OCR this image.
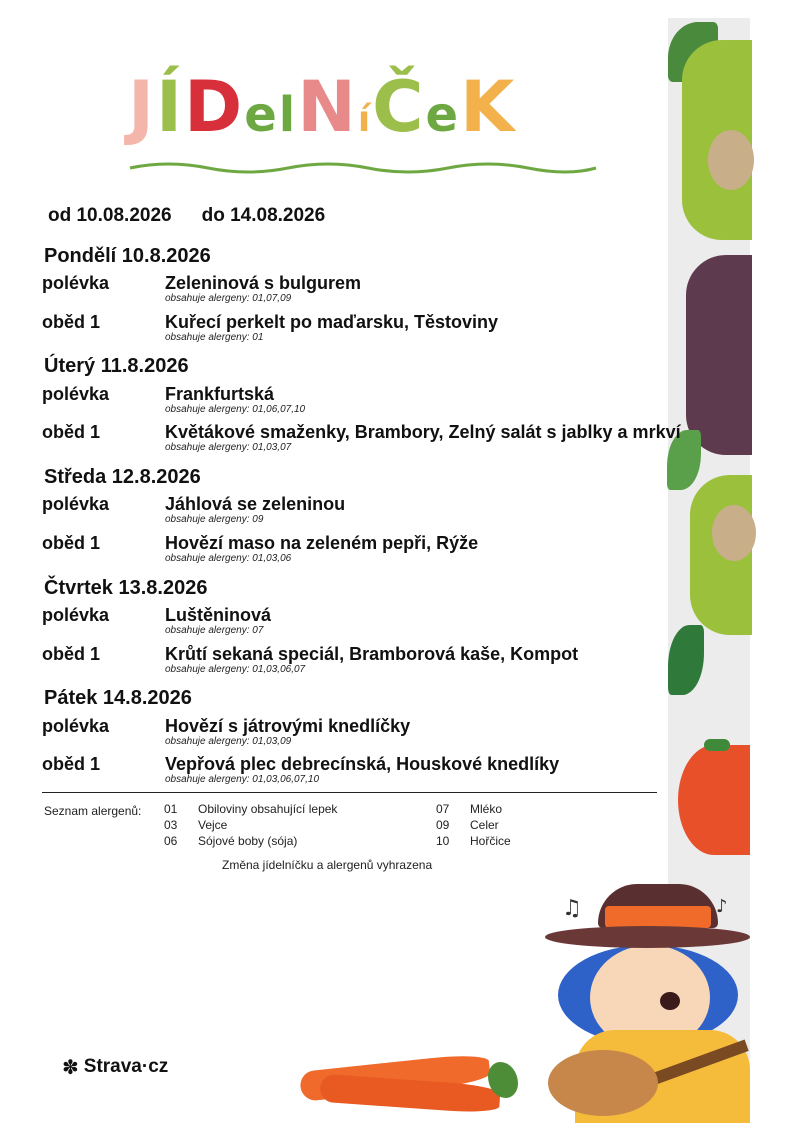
♫	♪
JÍDelNíČeK
od 10.08.2026 do 14.08.2026
Pondělí 10.8.2026
polévka	Zeleninová s bulgurem
obsahuje alergeny: 01,07,09
oběd 1	Kuřecí perkelt po maďarsku, Těstoviny
obsahuje alergeny: 01
Úterý 11.8.2026
polévka	Frankfurtská
obsahuje alergeny: 01,06,07,10
oběd 1	Květákové smaženky, Brambory, Zelný salát s jablky a mrkví
obsahuje alergeny: 01,03,07
Středa 12.8.2026
polévka	Jáhlová se zeleninou
obsahuje alergeny: 09
oběd 1	Hovězí maso na zeleném pepři, Rýže
obsahuje alergeny: 01,03,06
Čtvrtek 13.8.2026
polévka	Luštěninová
obsahuje alergeny: 07
oběd 1	Krůtí sekaná speciál, Bramborová kaše, Kompot
obsahuje alergeny: 01,03,06,07
Pátek 14.8.2026
polévka	Hovězí s játrovými knedlíčky
obsahuje alergeny: 01,03,09
oběd 1	Vepřová plec debrecínská, Houskové knedlíky
obsahuje alergeny: 01,03,06,07,10
Seznam alergenů: 01 Obiloviny obsahující lepek
03 Vejce
06 Sójové boby (sója)
07 Mléko
09 Celer
10 Hořčice
Změna jídelníčku a alergenů vyhrazena
✽ Strava·cz
